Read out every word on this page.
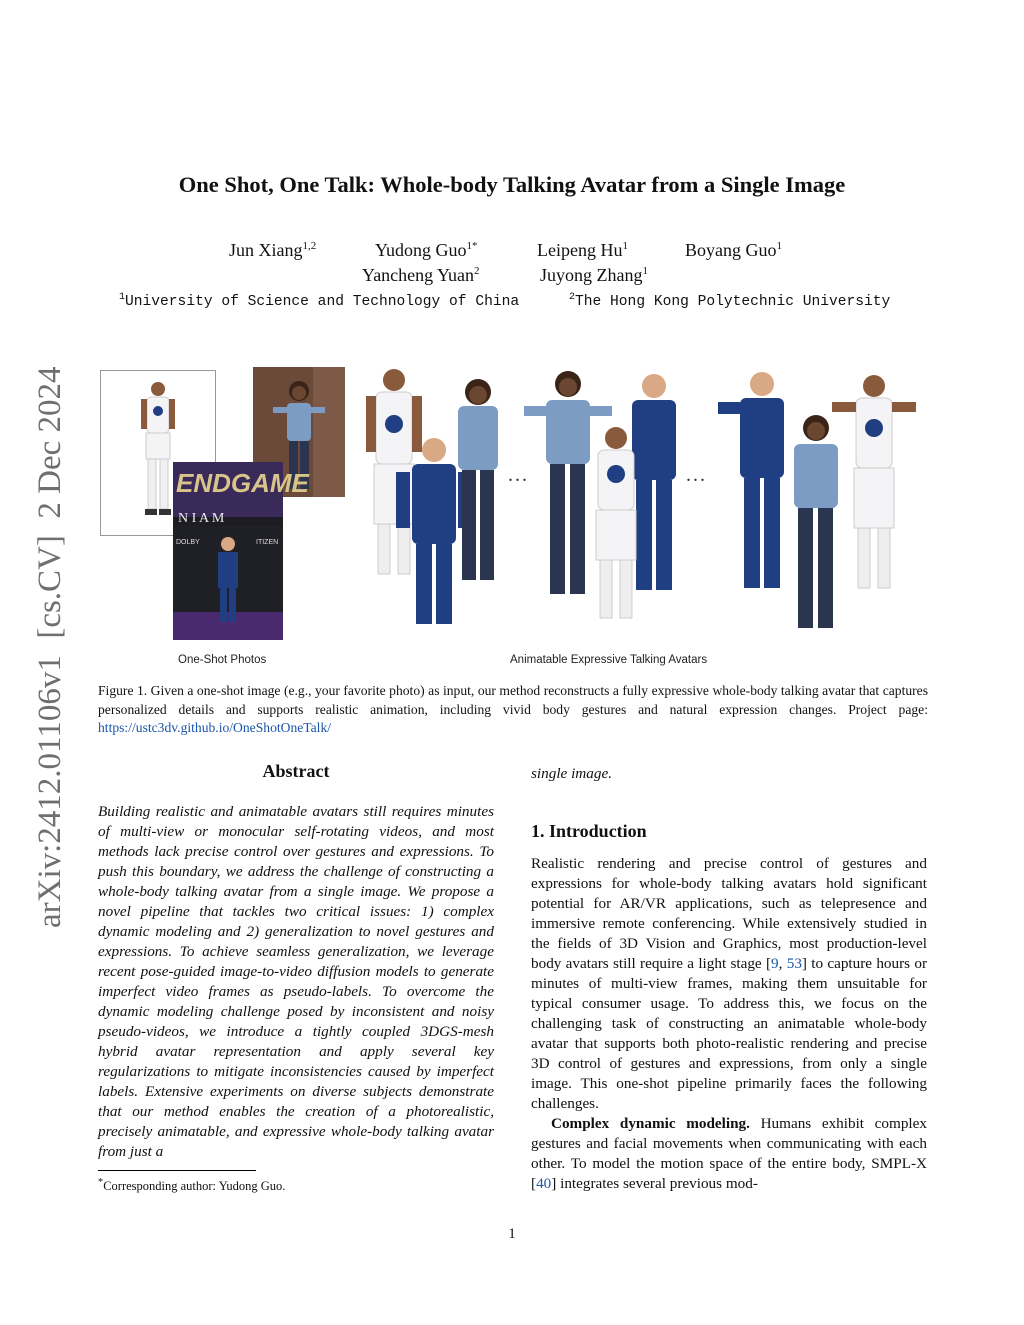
arXiv:2412.01106v1  [cs.CV]  2 Dec 2024
One Shot, One Talk: Whole-body Talking Avatar from a Single Image
Jun Xiang$^{1,2}$	Yudong Guo$^{1*}$	Leipeng Hu$^1$	Boyang Guo$^1$
Yancheng Yuan$^2$	Juyong Zhang$^1$
$^1$University of Science and Technology of China	$^2$The Hong Kong Polytechnic University
ENDGAME
N I A M
DOLBY	ITIZEN
...	...
One-Shot Photos	Animatable Expressive Talking Avatars
Figure 1. Given a one-shot image (e.g., your favorite photo) as input, our method reconstructs a fully expressive whole-body talking avatar that captures personalized details and supports realistic animation, including vivid body gestures and natural expression changes. Project page: https://ustc3dv.github.io/OneShotOneTalk/
Abstract
Building realistic and animatable avatars still requires minutes of multi-view or monocular self-rotating videos, and most methods lack precise control over gestures and expressions. To push this boundary, we address the challenge of constructing a whole-body talking avatar from a single image. We propose a novel pipeline that tackles two critical issues: 1) complex dynamic modeling and 2) generalization to novel gestures and expressions. To achieve seamless generalization, we leverage recent pose-guided image-to-video diffusion models to generate imperfect video frames as pseudo-labels. To overcome the dynamic modeling challenge posed by inconsistent and noisy pseudo-videos, we introduce a tightly coupled 3DGS-mesh hybrid avatar representation and apply several key regularizations to mitigate inconsistencies caused by imperfect labels. Extensive experiments on diverse subjects demonstrate that our method enables the creation of a photorealistic, precisely animatable, and expressive whole-body talking avatar from just a
single image.
1. Introduction

Realistic rendering and precise control of gestures and expressions for whole-body talking avatars hold significant potential for AR/VR applications, such as telepresence and immersive remote conferencing. While extensively studied in the fields of 3D Vision and Graphics, most production-level body avatars still require a light stage [9, 53] to capture hours or minutes of multi-view frames, making them unsuitable for typical consumer usage. To address this, we focus on the challenging task of constructing an animatable whole-body avatar that supports both photo-realistic rendering and precise 3D control of gestures and expressions, from only a single image. This one-shot pipeline primarily faces the following challenges.

Complex dynamic modeling. Humans exhibit complex gestures and facial movements when communicating with each other. To model the motion space of the entire body, SMPL-X [40] integrates several previous mod-

*Corresponding author: Yudong Guo.
1
